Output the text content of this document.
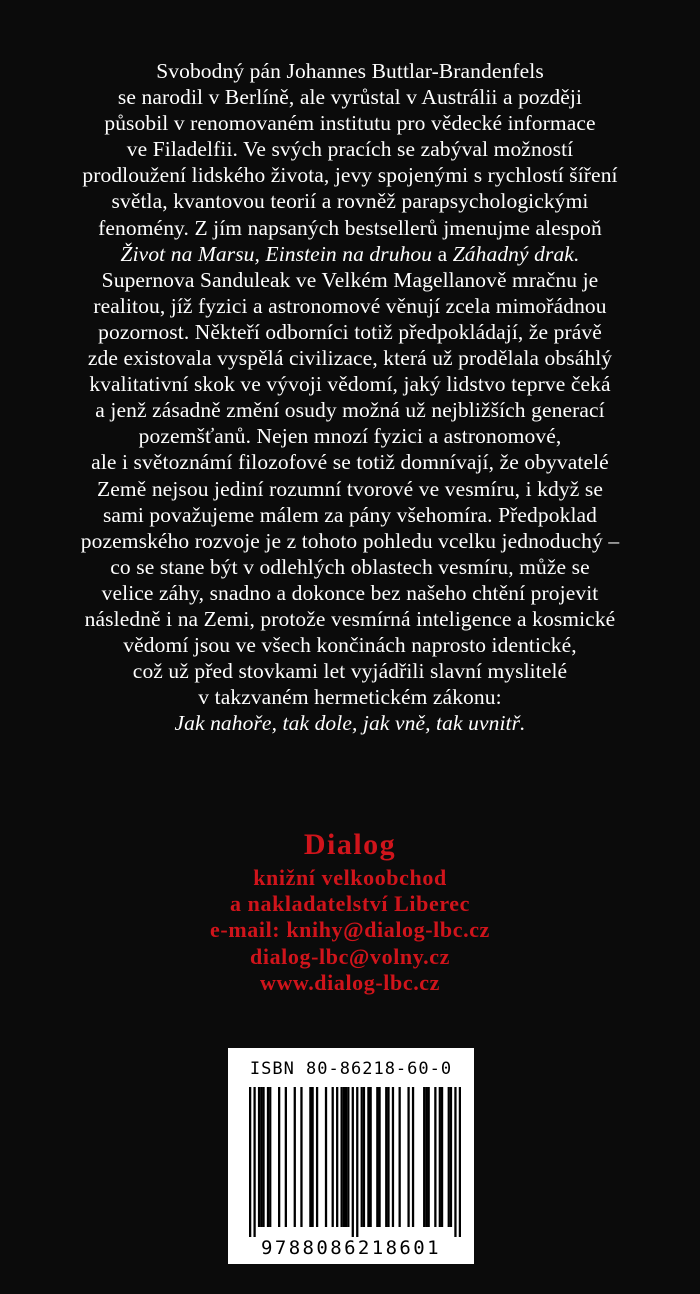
Svobodný pán Johannes Buttlar-Brandenfels
se narodil v Berlíně, ale vyrůstal v Austrálii a později
působil v renomovaném institutu pro vědecké informace
ve Filadelfii. Ve svých pracích se zabýval možností
prodloužení lidského života, jevy spojenými s rychlostí šíření
světla, kvantovou teorií a rovněž parapsychologickými
fenomény. Z jím napsaných bestsellerů jmenujme alespoň
Život na Marsu, Einstein na druhou a Záhadný drak.
Supernova Sanduleak ve Velkém Magellanově mračnu je
realitou, jíž fyzici a astronomové věnují zcela mimořádnou
pozornost. Někteří odborníci totiž předpokládají, že právě
zde existovala vyspělá civilizace, která už prodělala obsáhlý
kvalitativní skok ve vývoji vědomí, jaký lidstvo teprve čeká
a jenž zásadně změní osudy možná už nejbližších generací
pozemšťanů. Nejen mnozí fyzici a astronomové,
ale i světoznámí filozofové se totiž domnívají, že obyvatelé
Země nejsou jediní rozumní tvorové ve vesmíru, i když se
sami považujeme málem za pány všehomíra. Předpoklad
pozemského rozvoje je z tohoto pohledu vcelku jednoduchý –
co se stane být v odlehlých oblastech vesmíru, může se
velice záhy, snadno a dokonce bez našeho chtění projevit
následně i na Zemi, protože vesmírná inteligence a kosmické
vědomí jsou ve všech končinách naprosto identické,
což už před stovkami let vyjádřili slavní myslitelé
v takzvaném hermetickém zákonu:
Jak nahoře, tak dole, jak vně, tak uvnitř.
Dialog
knižní velkoobchod
a nakladatelství Liberec
e-mail: knihy@dialog-lbc.cz
dialog-lbc@volny.cz
www.dialog-lbc.cz
ISBN 80-86218-60-0
9788086218601
